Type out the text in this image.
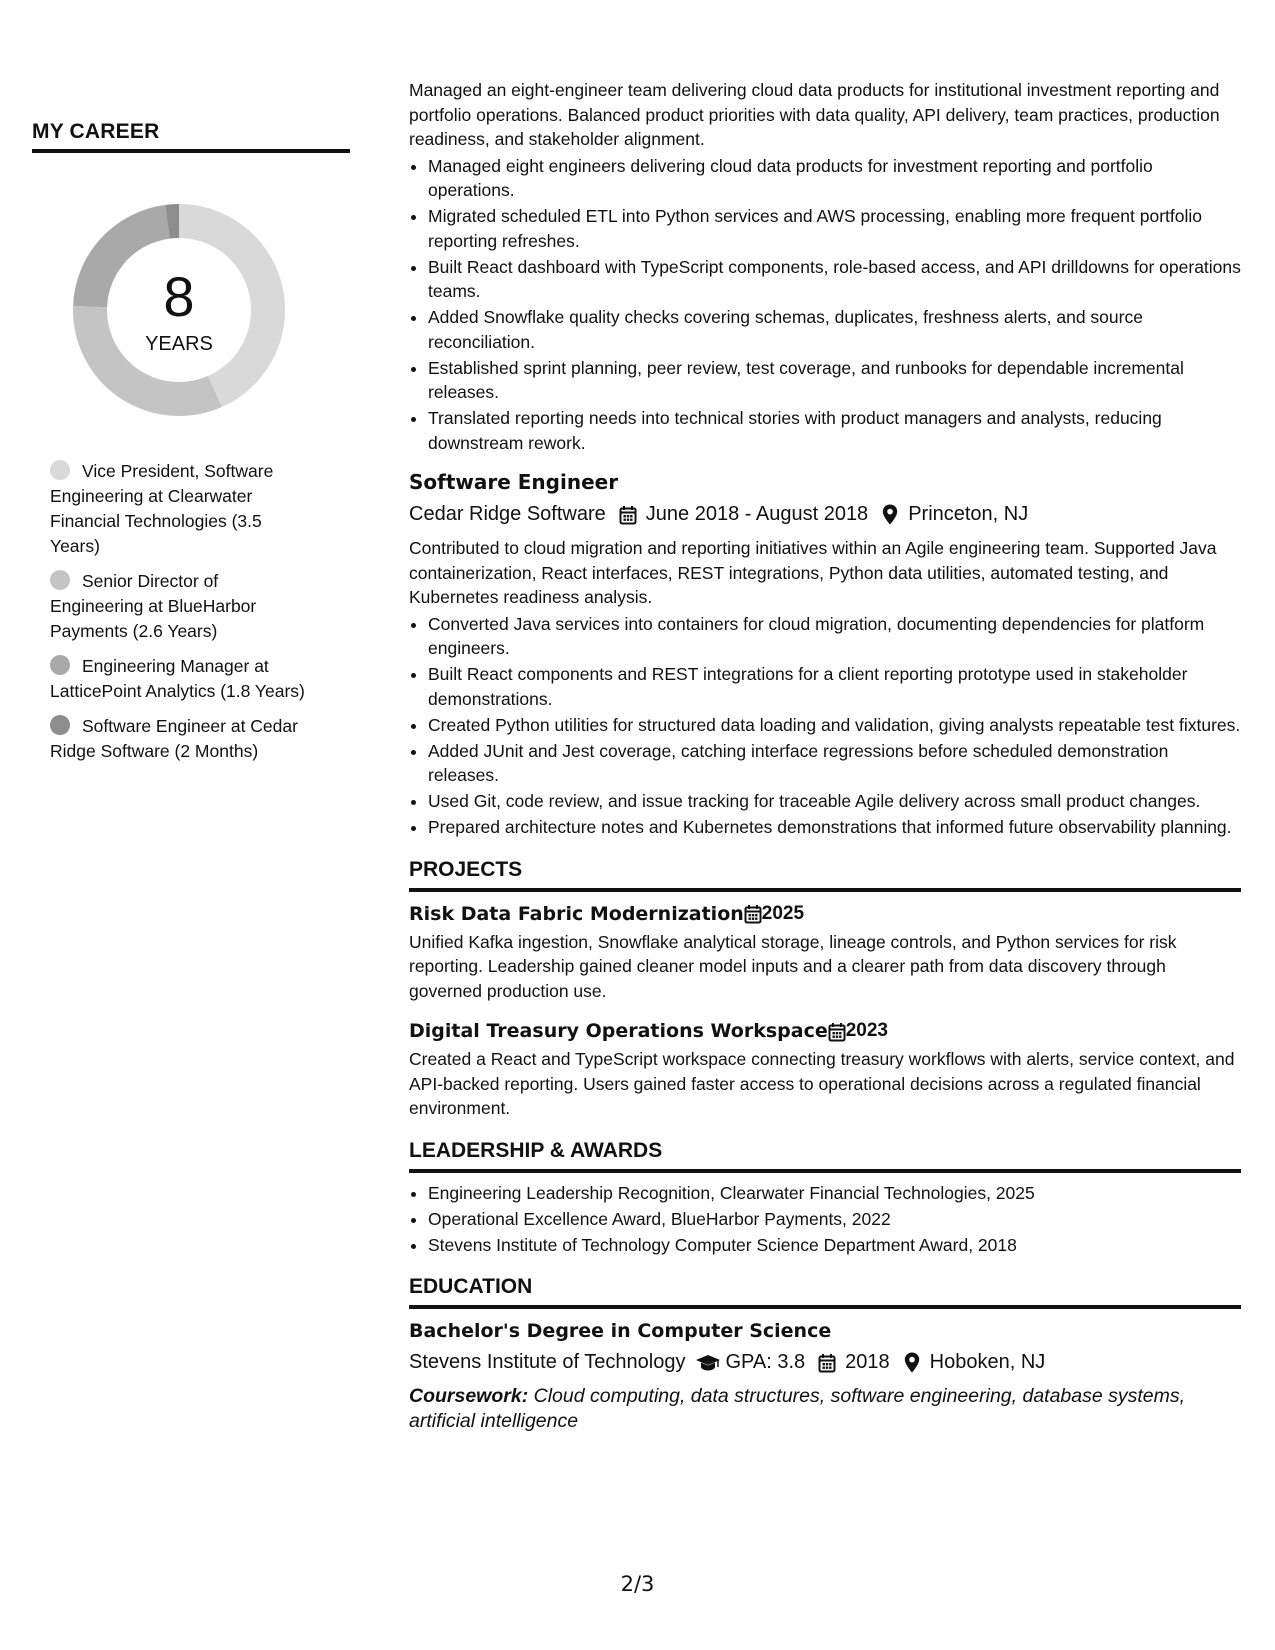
MY CAREER
8
YEARS
Vice President, Software Engineering at Clearwater Financial Technologies (3.5 Years)
Senior Director of Engineering at BlueHarbor Payments (2.6 Years)
Engineering Manager at LatticePoint Analytics (1.8 Years)
Software Engineer at Cedar Ridge Software (2 Months)

Managed an eight-engineer team delivering cloud data products for institutional investment reporting and portfolio operations. Balanced product priorities with data quality, API delivery, team practices, production readiness, and stakeholder alignment.

• Managed eight engineers delivering cloud data products for investment reporting and portfolio operations.
• Migrated scheduled ETL into Python services and AWS processing, enabling more frequent portfolio reporting refreshes.
• Built React dashboard with TypeScript components, role-based access, and API drilldowns for operations teams.
• Added Snowflake quality checks covering schemas, duplicates, freshness alerts, and source reconciliation.
• Established sprint planning, peer review, test coverage, and runbooks for dependable incremental releases.
• Translated reporting needs into technical stories with product managers and analysts, reducing downstream rework.
Software Engineer
Cedar Ridge Software June 2018 - August 2018 Princeton, NJ

Contributed to cloud migration and reporting initiatives within an Agile engineering team. Supported Java containerization, React interfaces, REST integrations, Python data utilities, automated testing, and Kubernetes readiness analysis.

• Converted Java services into containers for cloud migration, documenting dependencies for platform engineers.
• Built React components and REST integrations for a client reporting prototype used in stakeholder demonstrations.
• Created Python utilities for structured data loading and validation, giving analysts repeatable test fixtures.
• Added JUnit and Jest coverage, catching interface regressions before scheduled demonstration releases.
• Used Git, code review, and issue tracking for traceable Agile delivery across small product changes.
• Prepared architecture notes and Kubernetes demonstrations that informed future observability planning.
PROJECTS
Risk Data Fabric Modernization 2025

Unified Kafka ingestion, Snowflake analytical storage, lineage controls, and Python services for risk reporting. Leadership gained cleaner model inputs and a clearer path from data discovery through governed production use.

Digital Treasury Operations Workspace 2023

Created a React and TypeScript workspace connecting treasury workflows with alerts, service context, and API-backed reporting. Users gained faster access to operational decisions across a regulated financial environment.

LEADERSHIP & AWARDS
• Engineering Leadership Recognition, Clearwater Financial Technologies, 2025
• Operational Excellence Award, BlueHarbor Payments, 2022
• Stevens Institute of Technology Computer Science Department Award, 2018
EDUCATION
Bachelor's Degree in Computer Science
Stevens Institute of Technology GPA: 3.8 2018 Hoboken, NJ
Coursework: Cloud computing, data structures, software engineering, database systems, artificial intelligence
2/3
